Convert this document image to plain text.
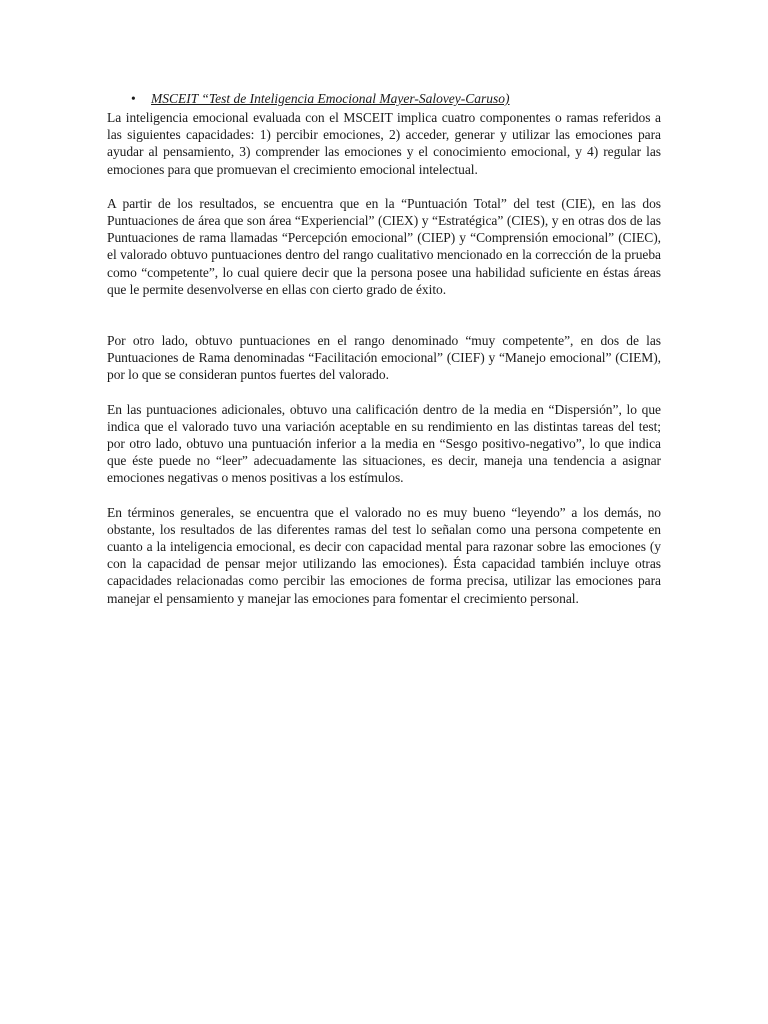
•	MSCEIT “Test de Inteligencia Emocional Mayer-Salovey-Caruso)

La inteligencia emocional evaluada con el MSCEIT implica cuatro componentes o ramas referidos a las siguientes capacidades: 1) percibir emociones, 2) acceder, generar y utilizar las emociones para ayudar al pensamiento, 3) comprender las emociones y el conocimiento emocional, y 4) regular las emociones para que promuevan el crecimiento emocional intelectual.

A partir de los resultados, se encuentra que en la “Puntuación Total” del test (CIE), en las dos Puntuaciones de área que son área “Experiencial” (CIEX) y “Estratégica” (CIES), y en otras dos de las Puntuaciones de rama llamadas “Percepción emocional” (CIEP) y “Comprensión emocional” (CIEC), el valorado obtuvo puntuaciones dentro del rango cualitativo mencionado en la corrección de la prueba como “competente”, lo cual quiere decir que la persona posee una habilidad suficiente en éstas áreas que le permite desenvolverse en ellas con cierto grado de éxito.

Por otro lado, obtuvo puntuaciones en el rango denominado “muy competente”, en dos de las Puntuaciones de Rama denominadas “Facilitación emocional” (CIEF) y “Manejo emocional” (CIEM), por lo que se consideran puntos fuertes del valorado.

En las puntuaciones adicionales, obtuvo una calificación dentro de la media en “Dispersión”, lo que indica que el valorado tuvo una variación aceptable en su rendimiento en las distintas tareas del test; por otro lado, obtuvo una puntuación inferior a la media en “Sesgo positivo-negativo”, lo que indica que éste puede no “leer” adecuadamente las situaciones, es decir, maneja una tendencia a asignar emociones negativas o menos positivas a los estímulos.

En términos generales, se encuentra que el valorado no es muy bueno “leyendo” a los demás, no obstante, los resultados de las diferentes ramas del test lo señalan como una persona competente en cuanto a la inteligencia emocional, es decir con capacidad mental para razonar sobre las emociones (y con la capacidad de pensar mejor utilizando las emociones). Ésta capacidad también incluye otras capacidades relacionadas como percibir las emociones de forma precisa, utilizar las emociones para manejar el pensamiento y manejar las emociones para fomentar el crecimiento personal.
